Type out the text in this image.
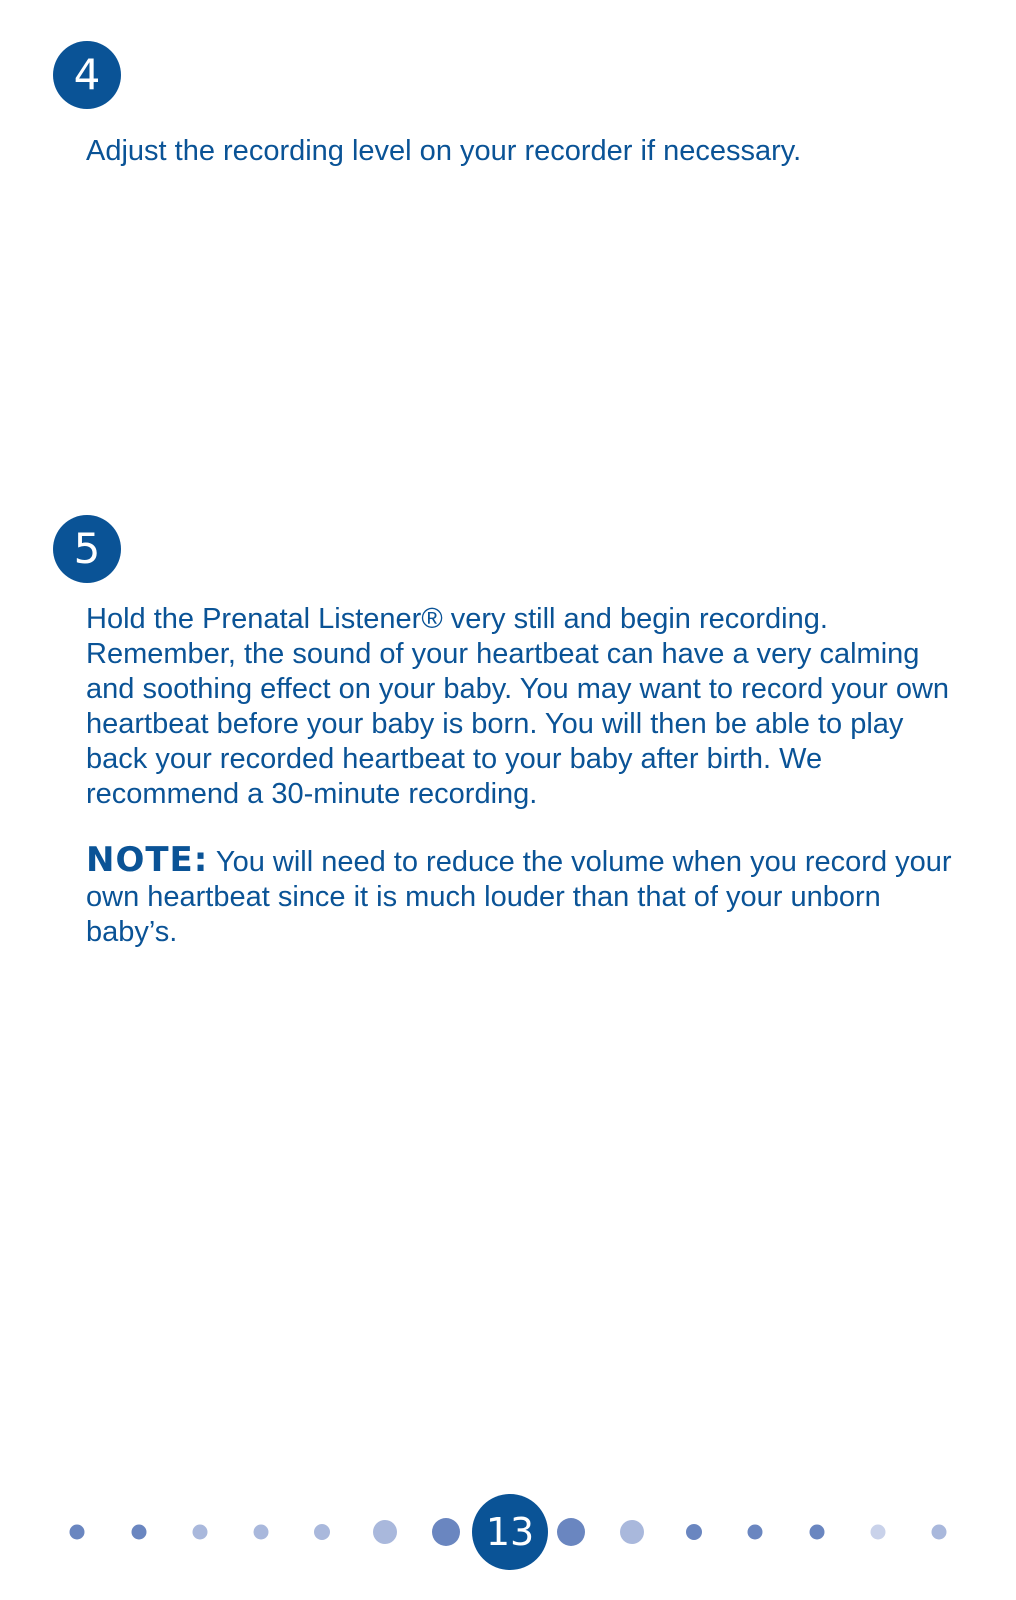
4

Adjust the recording level on your recorder if necessary.

5

Hold the Prenatal Listener® very still and begin recording. Remember, the sound of your heartbeat can have a very calming and soothing effect on your baby. You may want to record your own heartbeat before your baby is born. You will then be able to play back your recorded heartbeat to your baby after birth. We recommend a 30-minute recording.

NOTE: You will need to reduce the volume when you record your own heartbeat since it is much louder than that of your unborn baby’s.

13
